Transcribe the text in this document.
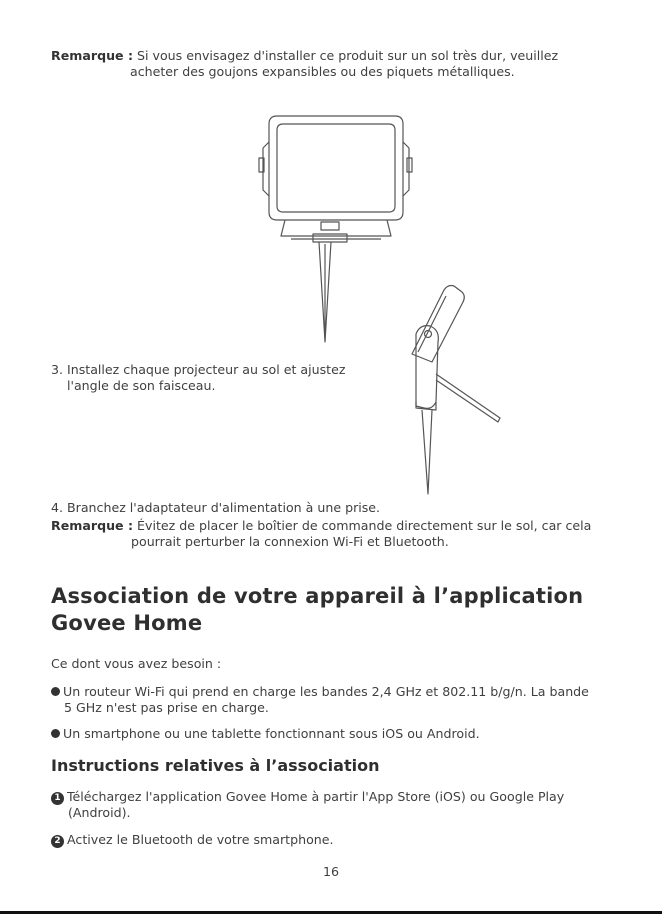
Remarque : Si vous envisagez d'installer ce produit sur un sol très dur, veuillez
acheter des goujons expansibles ou des piquets métalliques.
3. Installez chaque projecteur au sol et ajustez
l'angle de son faisceau.
4. Branchez l'adaptateur d'alimentation à une prise.
Remarque : Évitez de placer le boîtier de commande directement sur le sol, car cela
pourrait perturber la connexion Wi-Fi et Bluetooth.
Association de votre appareil à l’application
Govee Home
Ce dont vous avez besoin :
Un routeur Wi-Fi qui prend en charge les bandes 2,4 GHz et 802.11 b/g/n. La bande
5 GHz n'est pas prise en charge.
Un smartphone ou une tablette fonctionnant sous iOS ou Android.
Instructions relatives à l’association
1 Téléchargez l'application Govee Home à partir l'App Store (iOS) ou Google Play
(Android).
2 Activez le Bluetooth de votre smartphone.
16
